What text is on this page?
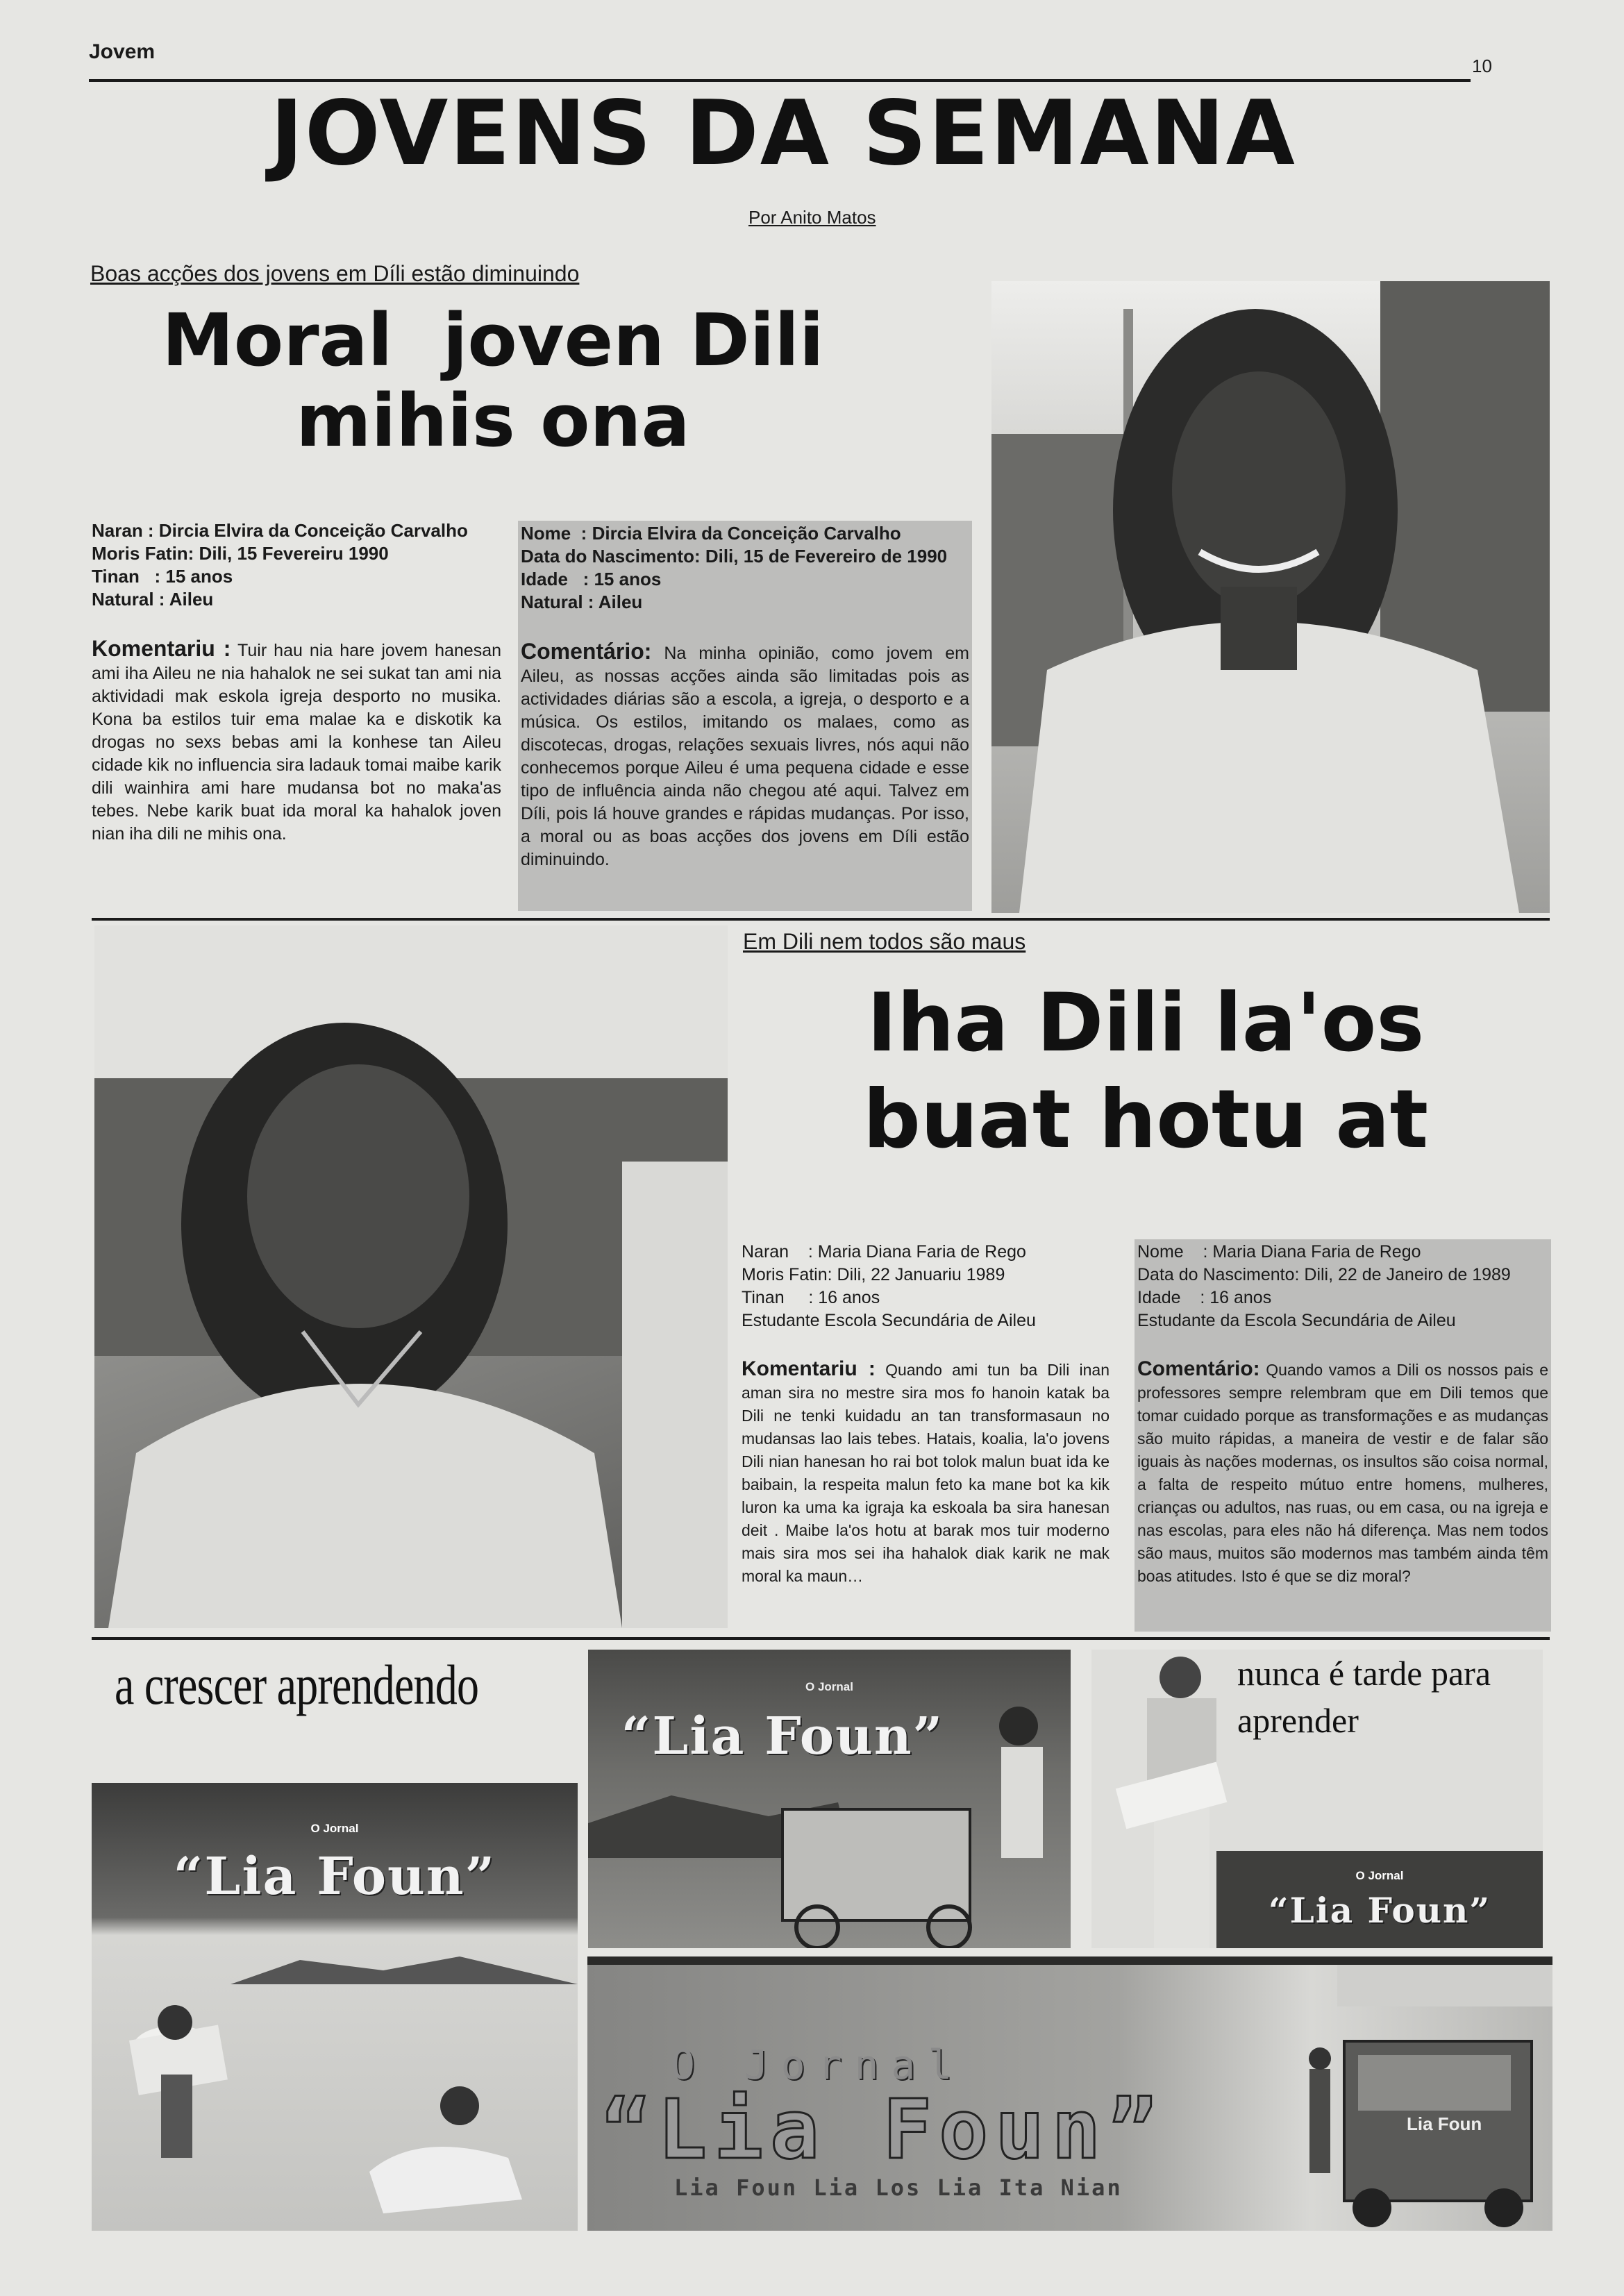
Jovem
10
JOVENS DA SEMANA
Por Anito Matos
Boas acções dos jovens em Díli estão diminuindo
Moral  joven Dili
mihis ona
Naran : Dircia Elvira da Conceição Carvalho
Moris Fatin: Dili, 15 Fevereiru 1990
Tinan   : 15 anos
Natural : Aileu
Komentariu : Tuir hau nia hare jovem hanesan ami iha Aileu ne nia hahalok ne sei sukat tan ami nia aktividadi mak eskola igreja desporto no musika. Kona ba estilos tuir ema malae ka e diskotik ka drogas no sexs bebas ami la konhese tan Aileu cidade kik no influencia sira ladauk tomai maibe karik dili wainhira ami hare mudansa bot no maka'as tebes. Nebe karik buat ida moral ka hahalok joven nian iha dili ne mihis ona.
Nome  : Dircia Elvira da Conceição Carvalho
Data do Nascimento: Dili, 15 de Fevereiro de 1990
Idade   : 15 anos
Natural : Aileu
Comentário: Na minha opinião, como jovem em Aileu, as nossas acções ainda são limitadas pois as actividades diárias são a escola, a igreja, o desporto e a música. Os estilos, imitando os malaes, como as discotecas, drogas, relações sexuais livres, nós aqui não conhecemos porque Aileu é uma pequena cidade e esse tipo de influência ainda não chegou até aqui. Talvez em Díli, pois lá houve grandes e rápidas mudanças. Por isso, a moral ou as boas acções dos jovens em Díli estão diminuindo.
Em Dili nem todos são maus
Iha Dili la'os
buat hotu at
Naran    : Maria Diana Faria de Rego
Moris Fatin: Dili, 22 Januariu 1989
Tinan     : 16 anos
Estudante Escola Secundária de Aileu
Komentariu : Quando ami tun ba Dili inan aman sira no mestre sira mos fo hanoin katak ba Dili ne tenki kuidadu an tan transformasaun no mudansas lao lais tebes. Hatais, koalia, la'o jovens Dili nian hanesan ho rai bot tolok malun buat ida ke baibain, la respeita malun feto ka mane bot ka kik luron ka uma ka igraja ka eskoala ba sira hanesan deit . Maibe la'os hotu at barak mos tuir moderno mais sira mos sei iha hahalok diak karik ne mak moral ka maun…
Nome    : Maria Diana Faria de Rego
Data do Nascimento: Dili, 22 de Janeiro de 1989
Idade    : 16 anos
Estudante da Escola Secundária de Aileu
Comentário: Quando vamos a Dili os nossos pais e professores sempre relembram que em Dili temos que tomar cuidado porque as transformações e as mudanças são muito rápidas, a maneira de vestir e de falar são iguais às nações modernas, os insultos são coisa normal, a falta de respeito mútuo entre homens, mulheres, crianças ou adultos, nas ruas, ou em casa, ou na igreja e nas escolas, para eles não há diferença. Mas nem todos são maus, muitos são modernos mas também ainda têm boas atitudes. Isto é que se diz moral?
a crescer aprendendo
O Jornal
“Lia Foun”
O Jornal
“Lia Foun”
nunca é tarde para aprender
O Jornal
“Lia Foun”
O Jornal
“Lia Foun”
Lia Foun Lia Los Lia Ita Nian
Lia Foun
